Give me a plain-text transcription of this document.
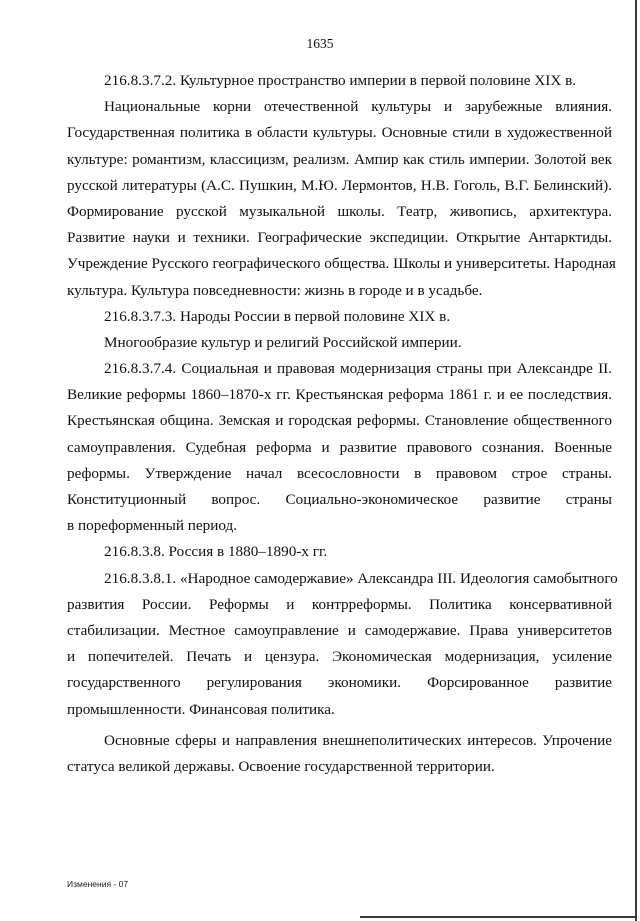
1635
216.8.3.7.2. Культурное пространство империи в первой половине XIX в.
Национальные корни отечественной культуры и зарубежные влияния.
Государственная политика в области культуры. Основные стили в художественной
культуре: романтизм, классицизм, реализм. Ампир как стиль империи. Золотой век
русской литературы (А.С. Пушкин, М.Ю. Лермонтов, Н.В. Гоголь, В.Г. Белинский).
Формирование русской музыкальной школы. Театр, живопись, архитектура.
Развитие науки и техники. Географические экспедиции. Открытие Антарктиды.
Учреждение Русского географического общества. Школы и университеты. Народная
культура. Культура повседневности: жизнь в городе и в усадьбе.
216.8.3.7.3. Народы России в первой половине XIX в.
Многообразие культур и религий Российской империи.
216.8.3.7.4. Социальная и правовая модернизация страны при Александре II.
Великие реформы 1860–1870-х гг. Крестьянская реформа 1861 г. и ее последствия.
Крестьянская община. Земская и городская реформы. Становление общественного
самоуправления. Судебная реформа и развитие правового сознания. Военные
реформы. Утверждение начал всесословности в правовом строе страны.
Конституционный вопрос. Социально-экономическое развитие страны
в пореформенный период.
216.8.3.8. Россия в 1880–1890-х гг.
216.8.3.8.1. «Народное самодержавие» Александра III. Идеология самобытного
развития России. Реформы и контрреформы. Политика консервативной
стабилизации. Местное самоуправление и самодержавие. Права университетов
и попечителей. Печать и цензура. Экономическая модернизация, усиление
государственного регулирования экономики. Форсированное развитие
промышленности. Финансовая политика.
Основные сферы и направления внешнеполитических интересов. Упрочение
статуса великой державы. Освоение государственной территории.
Изменения - 07
